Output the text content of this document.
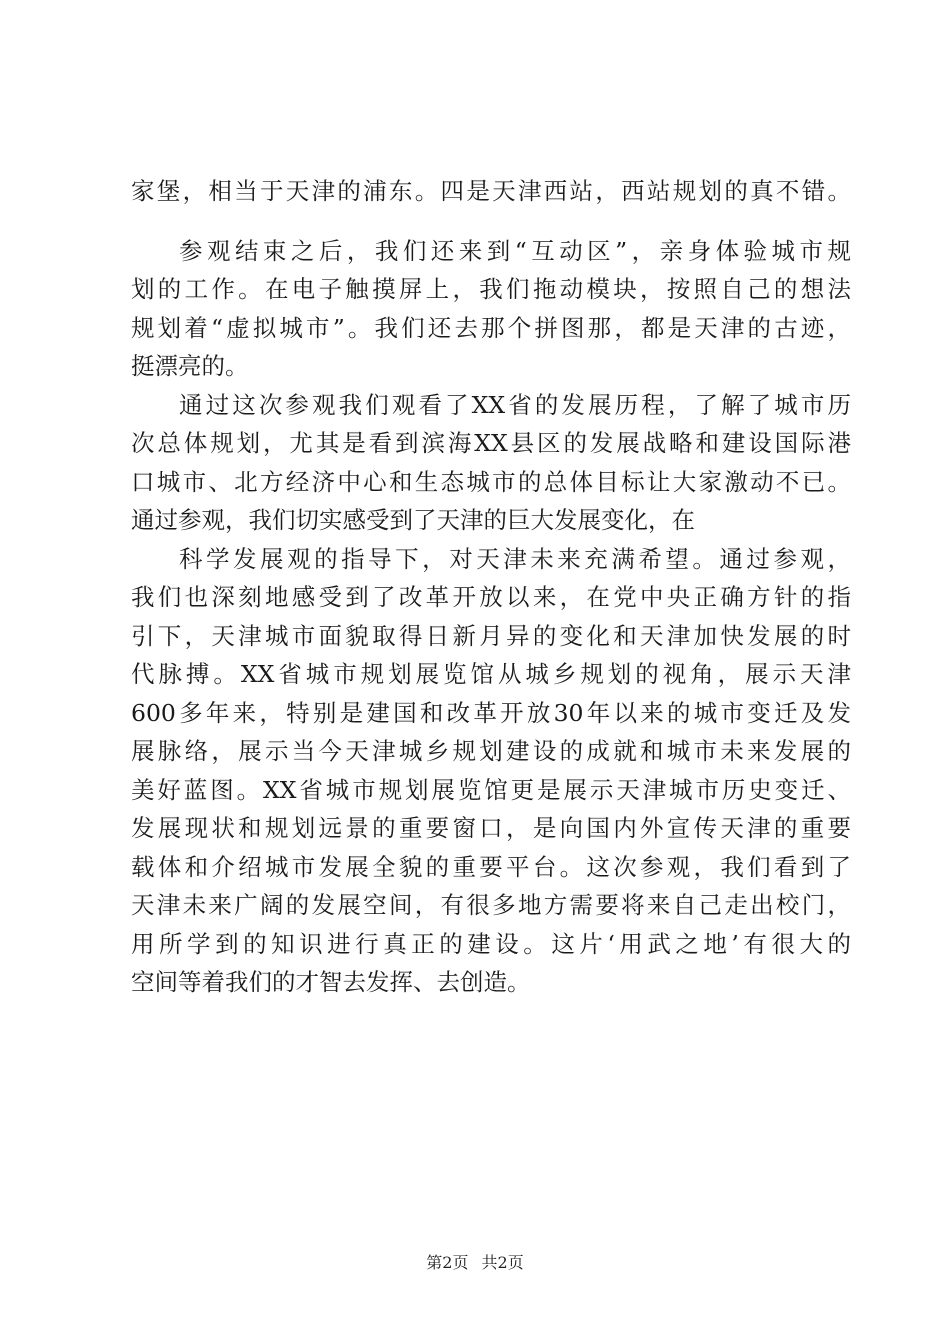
家堡，相当于天津的浦东。四是天津西站，西站规划的真不错。
参观结束之后，我们还来到“互动区”，亲身体验城市规
划的工作。在电子触摸屏上，我们拖动模块，按照自己的想法
规划着“虚拟城市”。我们还去那个拼图那，都是天津的古迹，
挺漂亮的。
通过这次参观我们观看了XX省的发展历程，了解了城市历
次总体规划，尤其是看到滨海XX县区的发展战略和建设国际港
口城市、北方经济中心和生态城市的总体目标让大家激动不已。
通过参观，我们切实感受到了天津的巨大发展变化，在
科学发展观的指导下，对天津未来充满希望。通过参观，
我们也深刻地感受到了改革开放以来，在党中央正确方针的指
引下，天津城市面貌取得日新月异的变化和天津加快发展的时
代脉搏。XX省城市规划展览馆从城乡规划的视角，展示天津
600多年来，特别是建国和改革开放30年以来的城市变迁及发
展脉络，展示当今天津城乡规划建设的成就和城市未来发展的
美好蓝图。XX省城市规划展览馆更是展示天津城市历史变迁、
发展现状和规划远景的重要窗口，是向国内外宣传天津的重要
载体和介绍城市发展全貌的重要平台。这次参观，我们看到了
天津未来广阔的发展空间，有很多地方需要将来自己走出校门，
用所学到的知识进行真正的建设。这片‘用武之地’有很大的
空间等着我们的才智去发挥、去创造。
第2页 共2页
